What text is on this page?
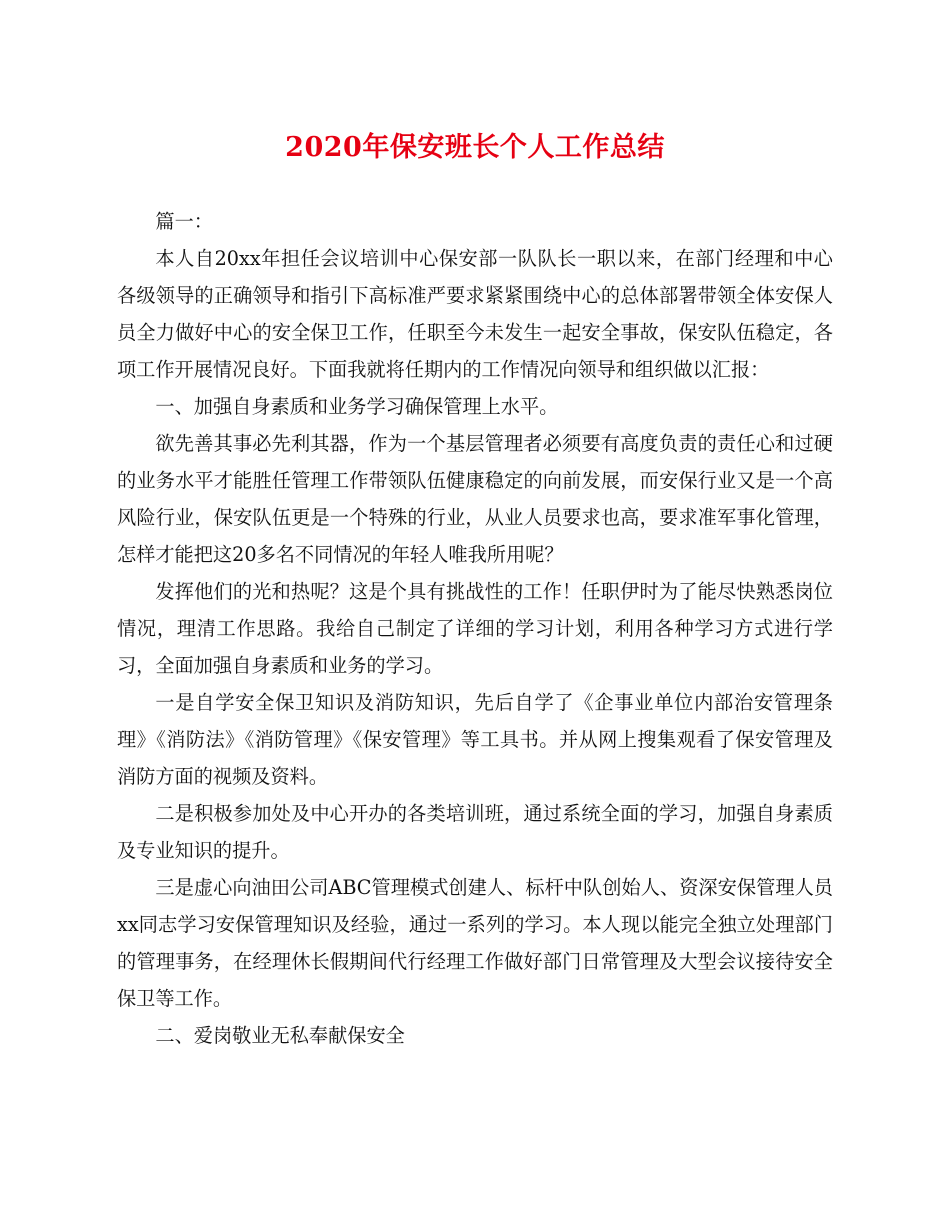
2020年保安班长个人工作总结

篇一：

本人自20xx年担任会议培训中心保安部一队队长一职以来，在部门经理和中心各级领导的正确领导和指引下高标准严要求紧紧围绕中心的总体部署带领全体安保人员全力做好中心的安全保卫工作，任职至今未发生一起安全事故，保安队伍稳定，各项工作开展情况良好。下面我就将任期内的工作情况向领导和组织做以汇报：

一、加强自身素质和业务学习确保管理上水平。

欲先善其事必先利其器，作为一个基层管理者必须要有高度负责的责任心和过硬的业务水平才能胜任管理工作带领队伍健康稳定的向前发展，而安保行业又是一个高风险行业，保安队伍更是一个特殊的行业，从业人员要求也高，要求准军事化管理，怎样才能把这20多名不同情况的年轻人唯我所用呢？

发挥他们的光和热呢？这是个具有挑战性的工作！任职伊时为了能尽快熟悉岗位情况，理清工作思路。我给自己制定了详细的学习计划，利用各种学习方式进行学习，全面加强自身素质和业务的学习。

一是自学安全保卫知识及消防知识，先后自学了《企事业单位内部治安管理条理》《消防法》《消防管理》《保安管理》等工具书。并从网上搜集观看了保安管理及消防方面的视频及资料。

二是积极参加处及中心开办的各类培训班，通过系统全面的学习，加强自身素质及专业知识的提升。

三是虚心向油田公司ABC管理模式创建人、标杆中队创始人、资深安保管理人员xx同志学习安保管理知识及经验，通过一系列的学习。本人现以能完全独立处理部门的管理事务，在经理休长假期间代行经理工作做好部门日常管理及大型会议接待安全保卫等工作。

二、爱岗敬业无私奉献保安全
